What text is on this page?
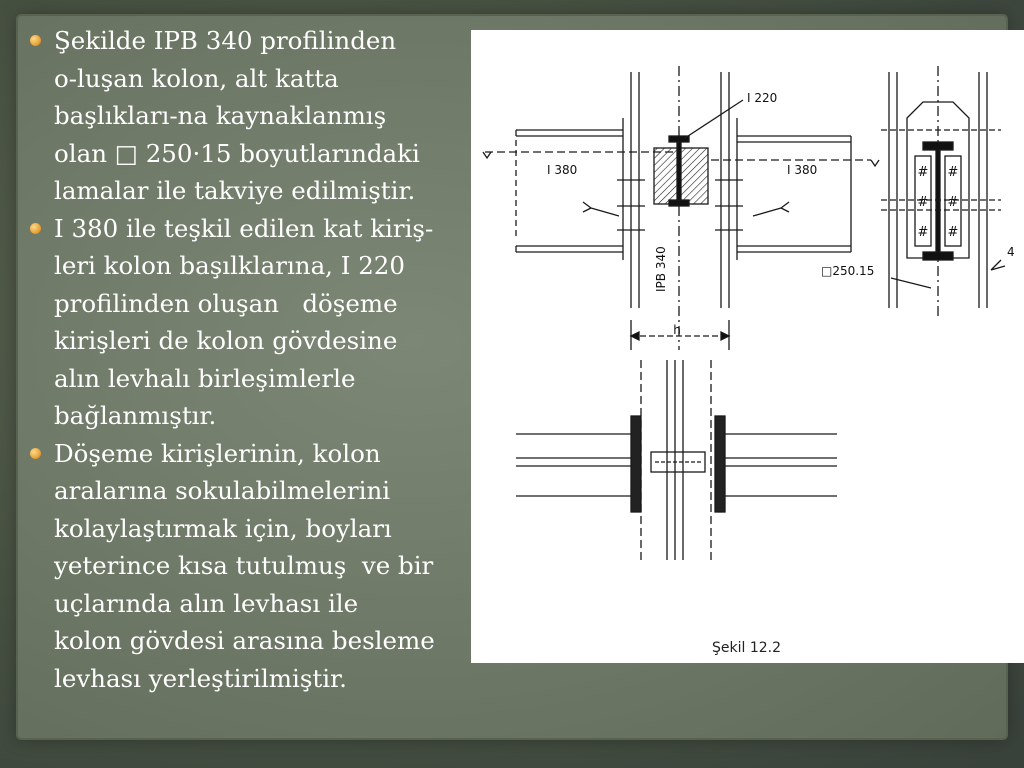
Şekilde IPB 340 profilinden
o-luşan kolon, alt katta
başlıkları-na kaynaklanmış
olan □ 250·15 boyutlarındaki
lamalar ile takviye edilmiştir.
I 380 ile teşkil edilen kat kiriş-
leri kolon başılklarına, I 220
profilinden oluşan   döşeme
kirişleri de kolon gövdesine
alın levhalı birleşimlerle
bağlanmıştır.
Döşeme kirişlerinin, kolon
aralarına sokulabilmelerini
kolaylaştırmak için, boyları
yeterince kısa tutulmuş  ve bir
uçlarında alın levhası ile
kolon gövdesi arasına besleme
levhası yerleştirilmiştir.
# #
# #
# #
I 220
I 380	I 380
IPB 340	□250.15
4
h
Şekil 12.2
